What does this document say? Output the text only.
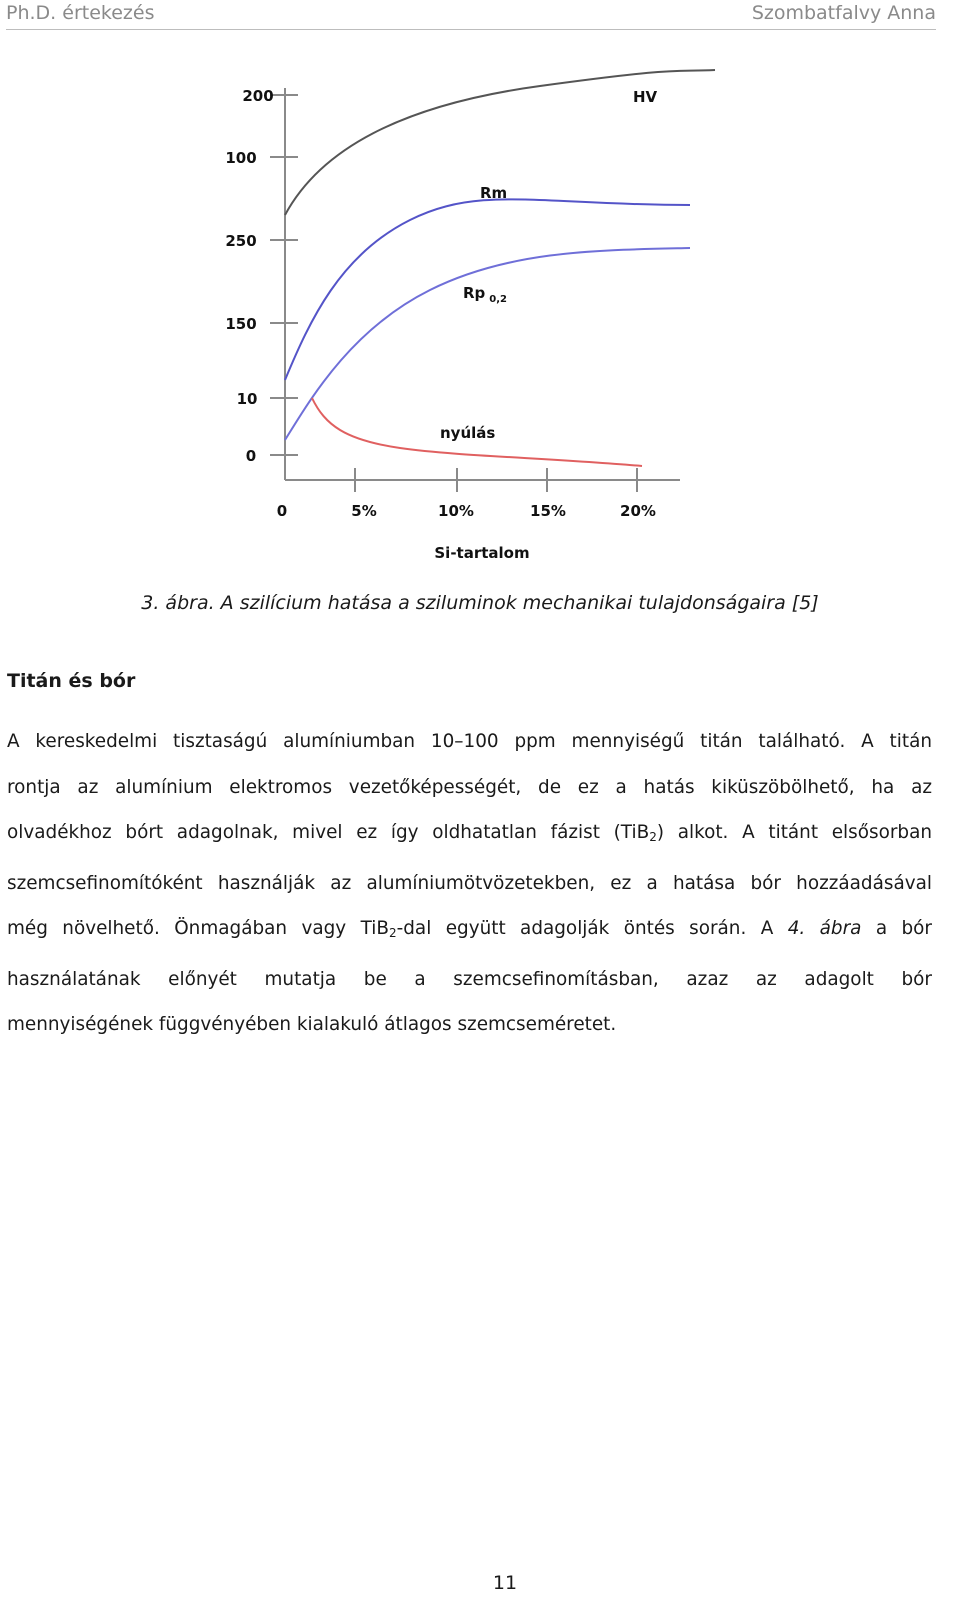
Ph.D. értekezés	Szombatfalvy Anna
200
100
250
150
10
0
0	5%	10%	15%	20%
Si-tartalom
HV
Rm
Rp $_{0,2}$
nyúlás
3. ábra. A szilícium hatása a sziluminok mechanikai tulajdonságaira [5]
Titán és bór
A kereskedelmi tisztaságú alumíniumban 10–100 ppm mennyiségű titán található. A titán
rontja az alumínium elektromos vezetőképességét, de ez a hatás kiküszöbölhető, ha az
olvadékhoz bórt adagolnak, mivel ez így oldhatatlan fázist (TiB$_2$) alkot. A titánt elsősorban
szemcsefinomítóként használják az alumíniumötvözetekben, ez a hatása bór hozzáadásával
még növelhető. Önmagában vagy TiB$_2$-dal együtt adagolják öntés során. A 4. ábra a bór
használatának előnyét mutatja be a szemcsefinomításban, azaz az adagolt bór
mennyiségének függvényében kialakuló átlagos szemcseméretet.
11
